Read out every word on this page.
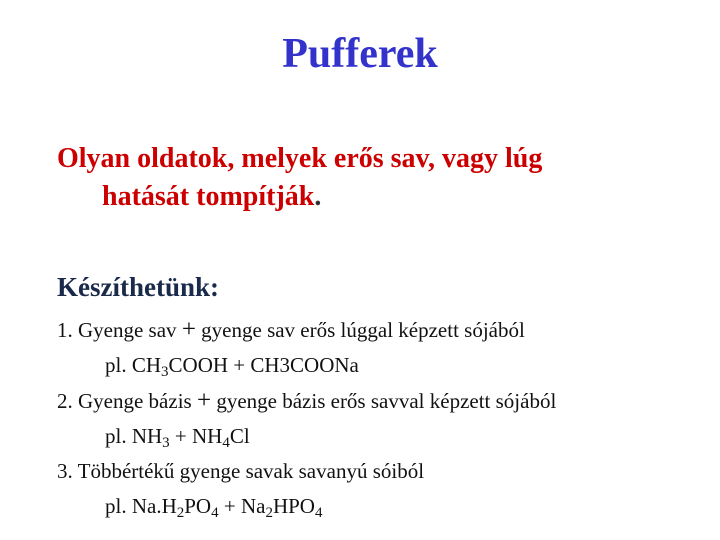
Pufferek
Olyan oldatok, melyek erős sav, vagy lúg
hatását tompítják.
Készíthetünk:
1. Gyenge sav + gyenge sav erős lúggal képzett sójából
pl. $CH_3COOH$ + CH3COONa
2. Gyenge bázis + gyenge bázis erős savval képzett sójából
pl. $NH_3 + NH_4Cl$
3. Többértékű gyenge savak savanyú sóiból
pl. $Na.H_2PO_4 + Na_2HPO_4$
